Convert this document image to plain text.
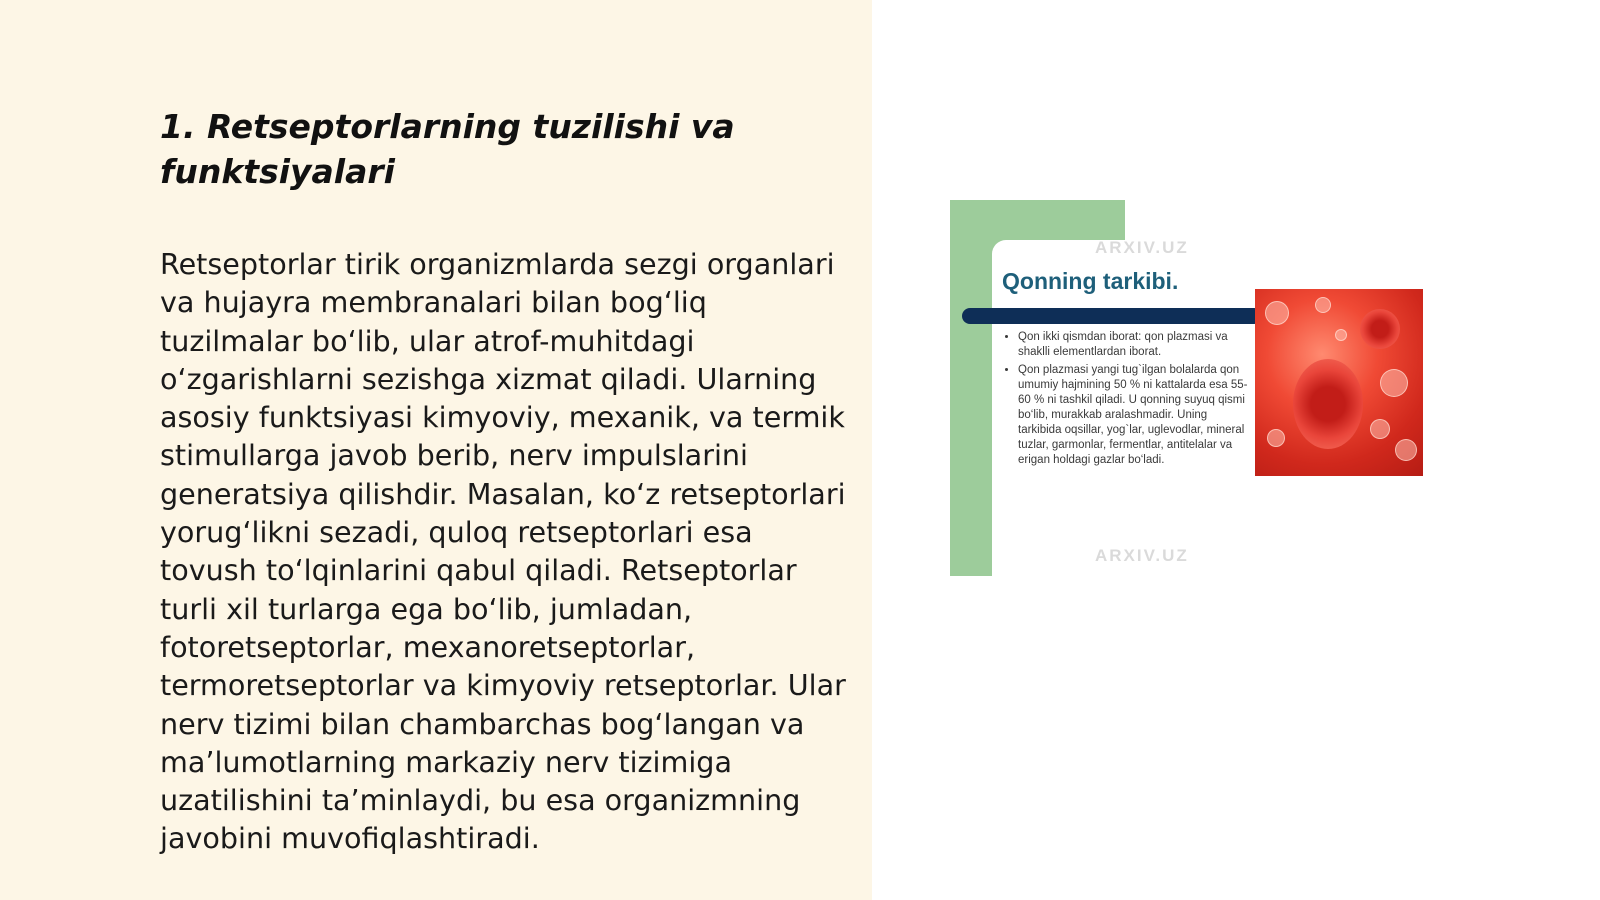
1. Retseptorlarning tuzilishi va funktsiyalari

Retseptorlar tirik organizmlarda sezgi organlari va hujayra membranalari bilan bog‘liq tuzilmalar bo‘lib, ular atrof-muhitdagi o‘zgarishlarni sezishga xizmat qiladi. Ularning asosiy funktsiyasi kimyoviy, mexanik, va termik stimullarga javob berib, nerv impulslarini generatsiya qilishdir. Masalan, ko‘z retseptorlari yorug‘likni sezadi, quloq retseptorlari esa tovush to‘lqinlarini qabul qiladi. Retseptorlar turli xil turlarga ega bo‘lib, jumladan, fotoretseptorlar, mexanoretseptorlar, termoretseptorlar va kimyoviy retseptorlar. Ular nerv tizimi bilan chambarchas bog‘langan va ma’lumotlarning markaziy nerv tizimiga uzatilishini ta’minlaydi, bu esa organizmning javobini muvofiqlashtiradi.

ARXIV.UZ
Qonning tarkibi.
• Qon ikki qismdan iborat: qon plazmasi va shaklli elementlardan iborat.
• Qon plazmasi yangi tug`ilgan bolalarda qon umumiy hajmining 50 % ni kattalarda esa 55-60 % ni tashkil qiladi. U qonning suyuq qismi bo‘lib, murakkab aralashmadir. Uning tarkibida oqsillar, yog`lar, uglevodlar, mineral tuzlar, garmonlar, fermentlar, antitelalar va erigan holdagi gazlar bo‘ladi.
ARXIV.UZ
